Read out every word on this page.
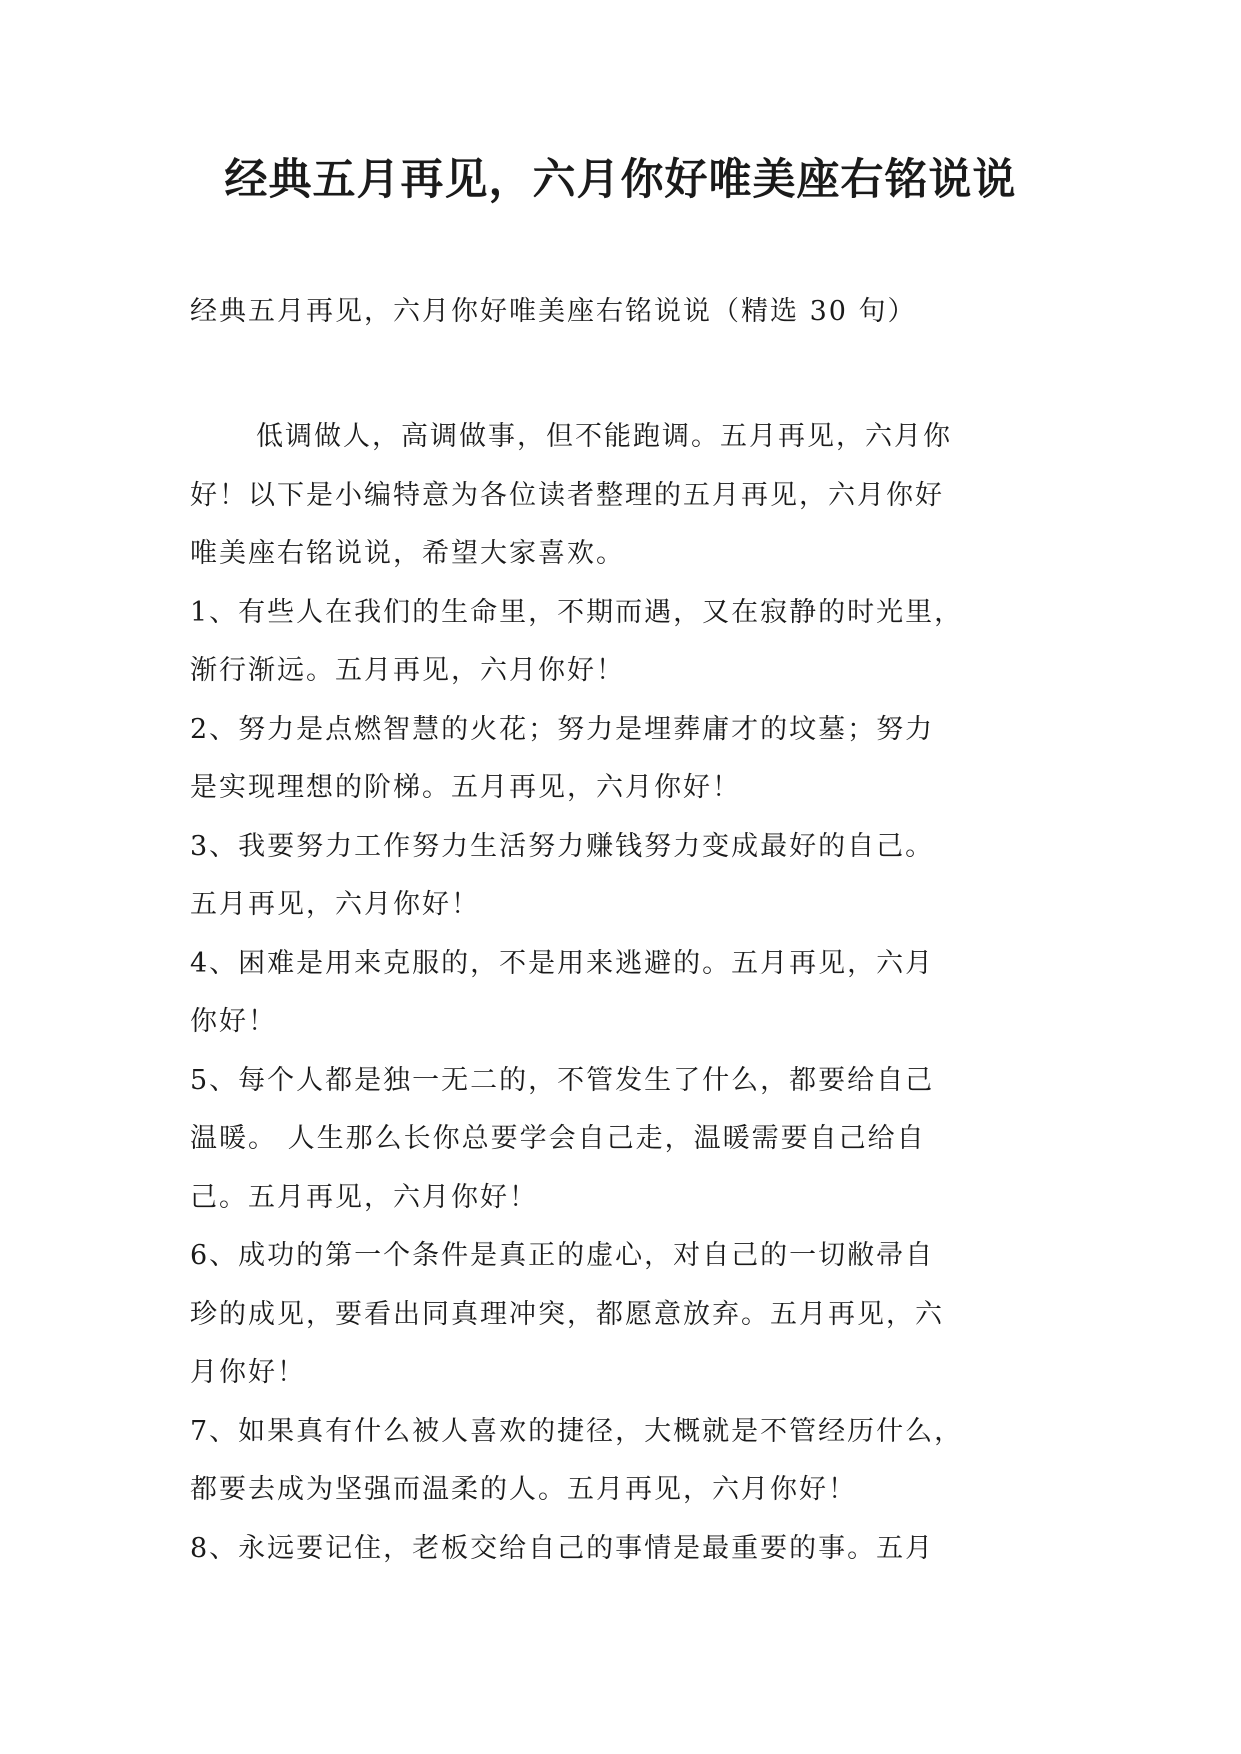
经典五月再见，六月你好唯美座右铭说说

经典五月再见，六月你好唯美座右铭说说（精选 30 句）

低调做人，高调做事，但不能跑调。五月再见，六月你

好！以下是小编特意为各位读者整理的五月再见，六月你好

唯美座右铭说说，希望大家喜欢。

1、有些人在我们的生命里，不期而遇，又在寂静的时光里，

渐行渐远。五月再见，六月你好！

2、努力是点燃智慧的火花；努力是埋葬庸才的坟墓；努力

是实现理想的阶梯。五月再见，六月你好！

3、我要努力工作努力生活努力赚钱努力变成最好的自己。

五月再见，六月你好！

4、困难是用来克服的，不是用来逃避的。五月再见，六月

你好！

5、每个人都是独一无二的，不管发生了什么，都要给自己

温暖。 人生那么长你总要学会自己走，温暖需要自己给自

己。五月再见，六月你好！

6、成功的第一个条件是真正的虚心，对自己的一切敝帚自

珍的成见，要看出同真理冲突，都愿意放弃。五月再见，六

月你好！

7、如果真有什么被人喜欢的捷径，大概就是不管经历什么，

都要去成为坚强而温柔的人。五月再见，六月你好！

8、永远要记住，老板交给自己的事情是最重要的事。五月
